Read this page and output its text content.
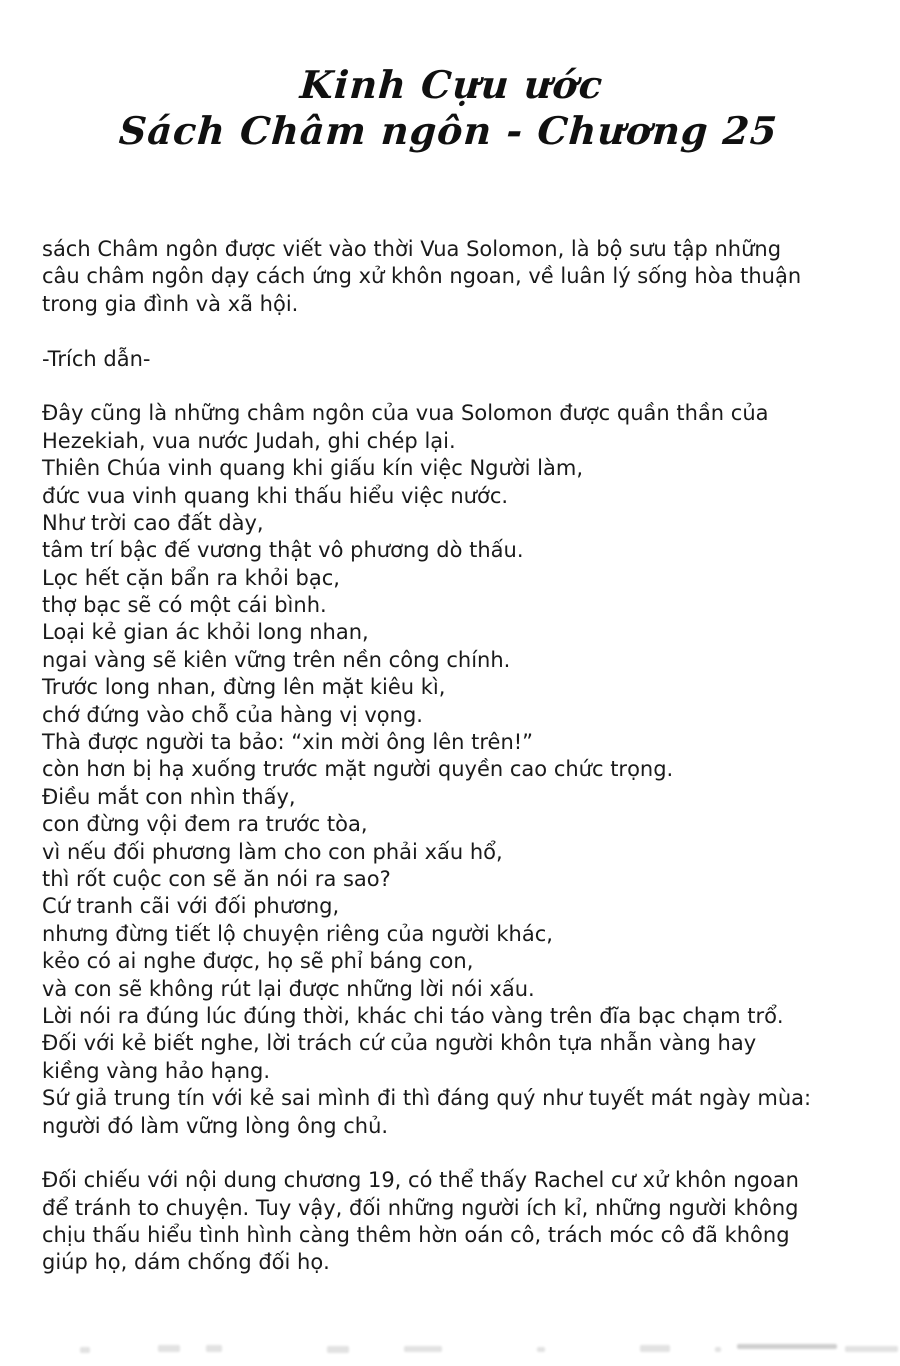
Kinh Cựu ước
Sách Châm ngôn - Chương 25
sách Châm ngôn được viết vào thời Vua Solomon, là bộ sưu tập những
câu châm ngôn dạy cách ứng xử khôn ngoan, về luân lý sống hòa thuận
trong gia đình và xã hội.
-Trích dẫn-
Đây cũng là những châm ngôn của vua Solomon được quần thần của
Hezekiah, vua nước Judah, ghi chép lại.
Thiên Chúa vinh quang khi giấu kín việc Người làm,
đức vua vinh quang khi thấu hiểu việc nước.
Như trời cao đất dày,
tâm trí bậc đế vương thật vô phương dò thấu.
Lọc hết cặn bẩn ra khỏi bạc,
thợ bạc sẽ có một cái bình.
Loại kẻ gian ác khỏi long nhan,
ngai vàng sẽ kiên vững trên nền công chính.
Trước long nhan, đừng lên mặt kiêu kì,
chớ đứng vào chỗ của hàng vị vọng.
Thà được người ta bảo: “xin mời ông lên trên!”
còn hơn bị hạ xuống trước mặt người quyền cao chức trọng.
Điều mắt con nhìn thấy,
con đừng vội đem ra trước tòa,
vì nếu đối phương làm cho con phải xấu hổ,
thì rốt cuộc con sẽ ăn nói ra sao?
Cứ tranh cãi với đối phương,
nhưng đừng tiết lộ chuyện riêng của người khác,
kẻo có ai nghe được, họ sẽ phỉ báng con,
và con sẽ không rút lại được những lời nói xấu.
Lời nói ra đúng lúc đúng thời, khác chi táo vàng trên đĩa bạc chạm trổ.
Đối với kẻ biết nghe, lời trách cứ của người khôn tựa nhẫn vàng hay
kiềng vàng hảo hạng.
Sứ giả trung tín với kẻ sai mình đi thì đáng quý như tuyết mát ngày mùa:
người đó làm vững lòng ông chủ.
Đối chiếu với nội dung chương 19, có thể thấy Rachel cư xử khôn ngoan
để tránh to chuyện. Tuy vậy, đối những người ích kỉ, những người không
chịu thấu hiểu tình hình càng thêm hờn oán cô, trách móc cô đã không
giúp họ, dám chống đối họ.
